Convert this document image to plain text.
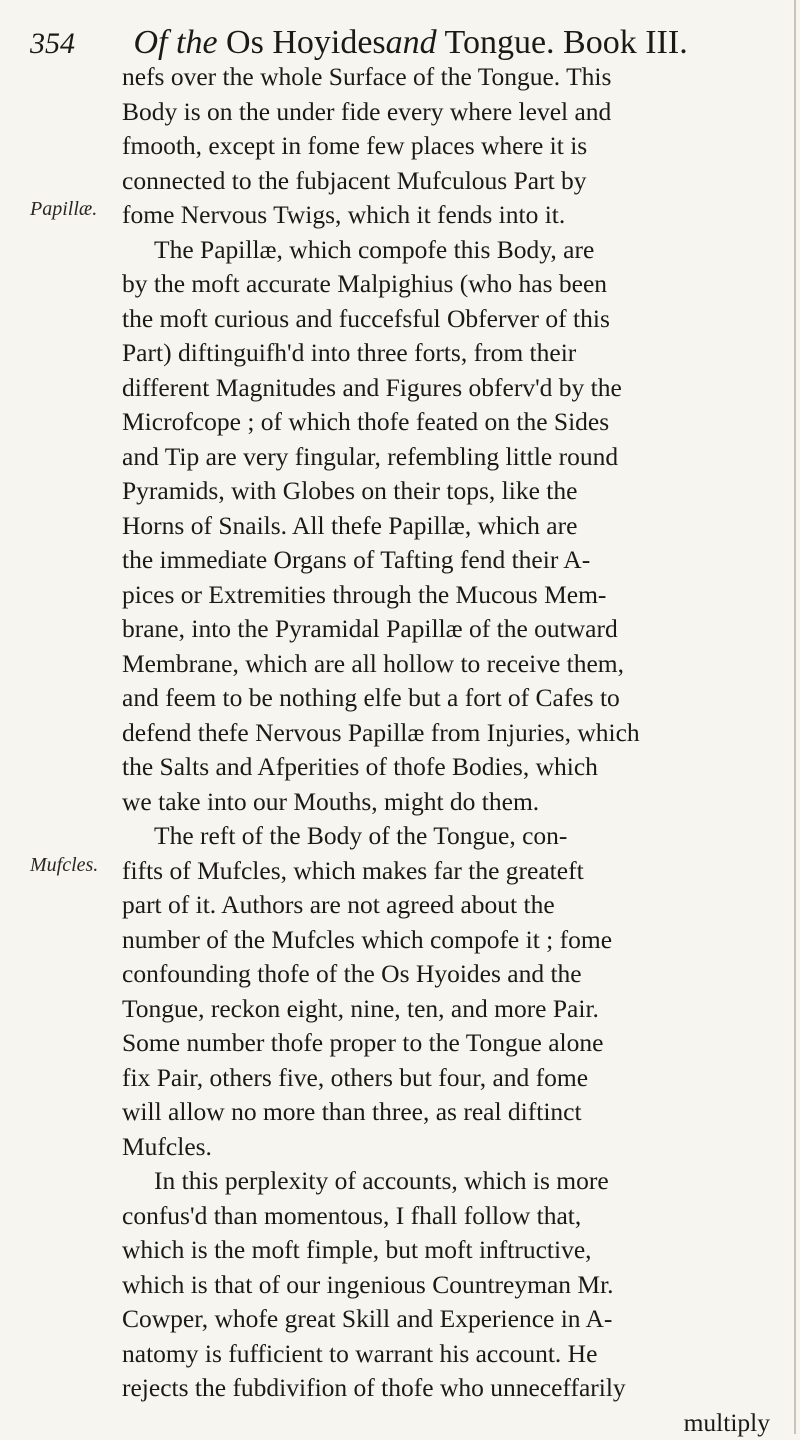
354 Of the Os Hoyidesand Tongue. Book III.
Papillæ.
Mufcles.
nefs over the whole Surface of the Tongue. This
Body is on the under fide every where level and
fmooth, except in fome few places where it is
connected to the fubjacent Mufculous Part by
fome Nervous Twigs, which it fends into it.
The Papillæ, which compofe this Body, are
by the moft accurate Malpighius (who has been
the moft curious and fuccefsful Obferver of this
Part) diftinguifh'd into three forts, from their
different Magnitudes and Figures obferv'd by the
Microfcope ; of which thofe feated on the Sides
and Tip are very fingular, refembling little round
Pyramids, with Globes on their tops, like the
Horns of Snails. All thefe Papillæ, which are
the immediate Organs of Tafting fend their A-
pices or Extremities through the Mucous Mem-
brane, into the Pyramidal Papillæ of the outward
Membrane, which are all hollow to receive them,
and feem to be nothing elfe but a fort of Cafes to
defend thefe Nervous Papillæ from Injuries, which
the Salts and Afperities of thofe Bodies, which
we take into our Mouths, might do them.
The reft of the Body of the Tongue, con-
fifts of Mufcles, which makes far the greateft
part of it. Authors are not agreed about the
number of the Mufcles which compofe it ; fome
confounding thofe of the Os Hyoides and the
Tongue, reckon eight, nine, ten, and more Pair.
Some number thofe proper to the Tongue alone
fix Pair, others five, others but four, and fome
will allow no more than three, as real diftinct
Mufcles.
In this perplexity of accounts, which is more
confus'd than momentous, I fhall follow that,
which is the moft fimple, but moft inftructive,
which is that of our ingenious Countreyman Mr.
Cowper, whofe great Skill and Experience in A-
natomy is fufficient to warrant his account. He
rejects the fubdivifion of thofe who unneceffarily
multiply
